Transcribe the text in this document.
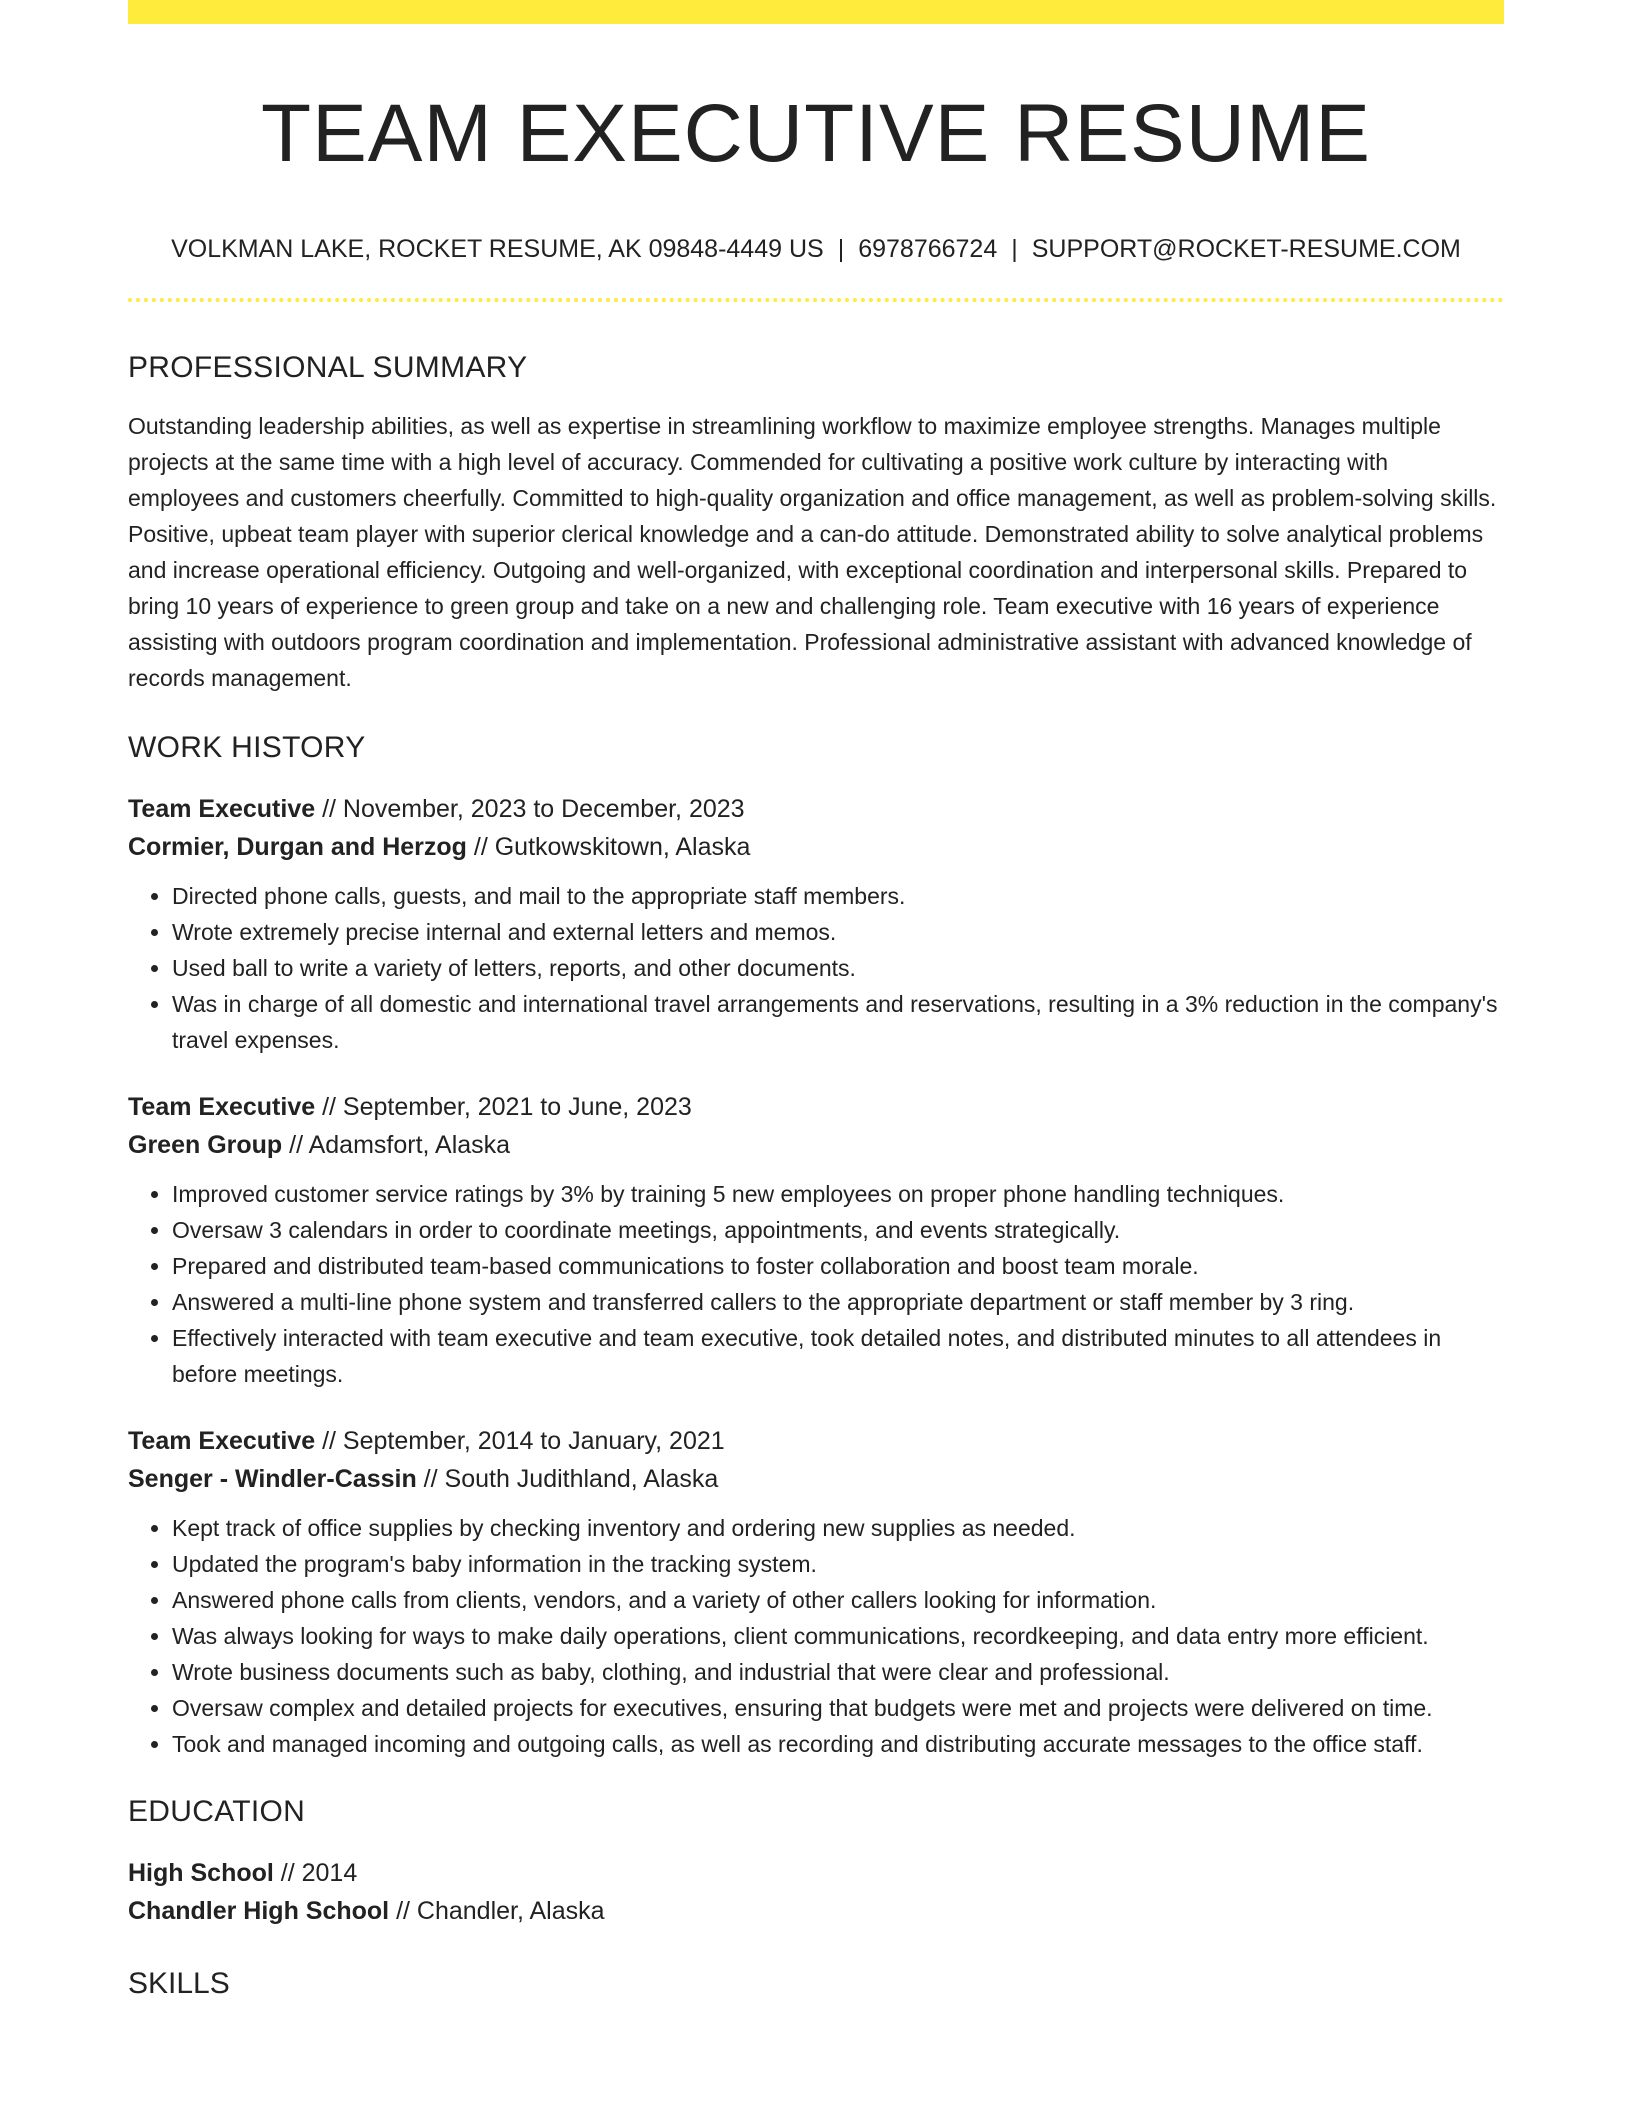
TEAM EXECUTIVE RESUME
VOLKMAN LAKE, ROCKET RESUME, AK 09848-4449 US | 6978766724 | SUPPORT@ROCKET-RESUME.COM
PROFESSIONAL SUMMARY

Outstanding leadership abilities, as well as expertise in streamlining workflow to maximize employee strengths. Manages multiple projects at the same time with a high level of accuracy. Commended for cultivating a positive work culture by interacting with employees and customers cheerfully. Committed to high-quality organization and office management, as well as problem-solving skills. Positive, upbeat team player with superior clerical knowledge and a can-do attitude. Demonstrated ability to solve analytical problems and increase operational efficiency. Outgoing and well-organized, with exceptional coordination and interpersonal skills. Prepared to bring 10 years of experience to green group and take on a new and challenging role. Team executive with 16 years of experience assisting with outdoors program coordination and implementation. Professional administrative assistant with advanced knowledge of records management.

WORK HISTORY
Team Executive // November, 2023 to December, 2023
Cormier, Durgan and Herzog // Gutkowskitown, Alaska
• Directed phone calls, guests, and mail to the appropriate staff members.
• Wrote extremely precise internal and external letters and memos.
• Used ball to write a variety of letters, reports, and other documents.
• Was in charge of all domestic and international travel arrangements and reservations, resulting in a 3% reduction in the company's travel expenses.
Team Executive // September, 2021 to June, 2023
Green Group // Adamsfort, Alaska
• Improved customer service ratings by 3% by training 5 new employees on proper phone handling techniques.
• Oversaw 3 calendars in order to coordinate meetings, appointments, and events strategically.
• Prepared and distributed team-based communications to foster collaboration and boost team morale.
• Answered a multi-line phone system and transferred callers to the appropriate department or staff member by 3 ring.
• Effectively interacted with team executive and team executive, took detailed notes, and distributed minutes to all attendees in before meetings.
Team Executive // September, 2014 to January, 2021
Senger - Windler-Cassin // South Judithland, Alaska
• Kept track of office supplies by checking inventory and ordering new supplies as needed.
• Updated the program's baby information in the tracking system.
• Answered phone calls from clients, vendors, and a variety of other callers looking for information.
• Was always looking for ways to make daily operations, client communications, recordkeeping, and data entry more efficient.
• Wrote business documents such as baby, clothing, and industrial that were clear and professional.
• Oversaw complex and detailed projects for executives, ensuring that budgets were met and projects were delivered on time.
• Took and managed incoming and outgoing calls, as well as recording and distributing accurate messages to the office staff.
EDUCATION
High School // 2014
Chandler High School // Chandler, Alaska
SKILLS
